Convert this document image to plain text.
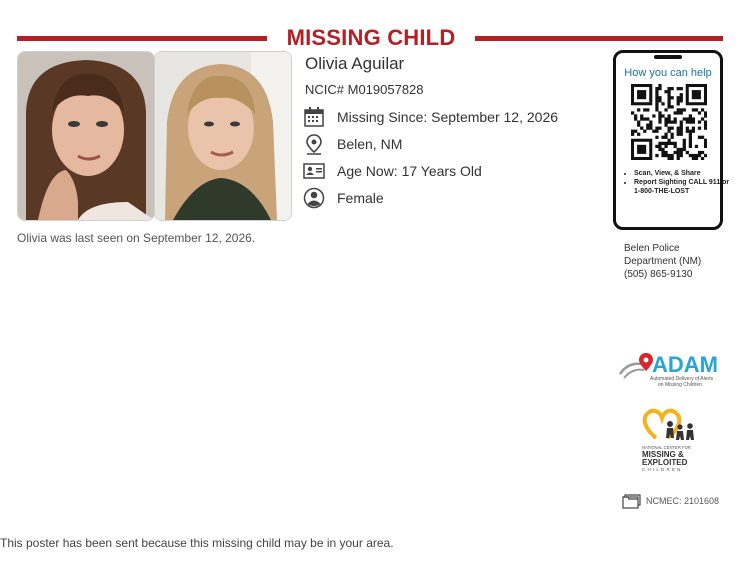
MISSING CHILD
Olivia Aguilar
NCIC# M019057828
Missing Since: September 12, 2026
Belen, NM
Age Now: 17 Years Old
Female
Olivia was last seen on September 12, 2026.
How you can help
• Scan, View, & Share
• Report Sighting CALL 911 or 1-800-THE-LOST
Belen Police
Department (NM)
(505) 865-9130
ADAM
Automated Delivery of Alerts
on Missing Children
NATIONAL CENTER FOR
MISSING &
EXPLOITED
CHILDREN
NCMEC: 2101608
This poster has been sent because this missing child may be in your area.
